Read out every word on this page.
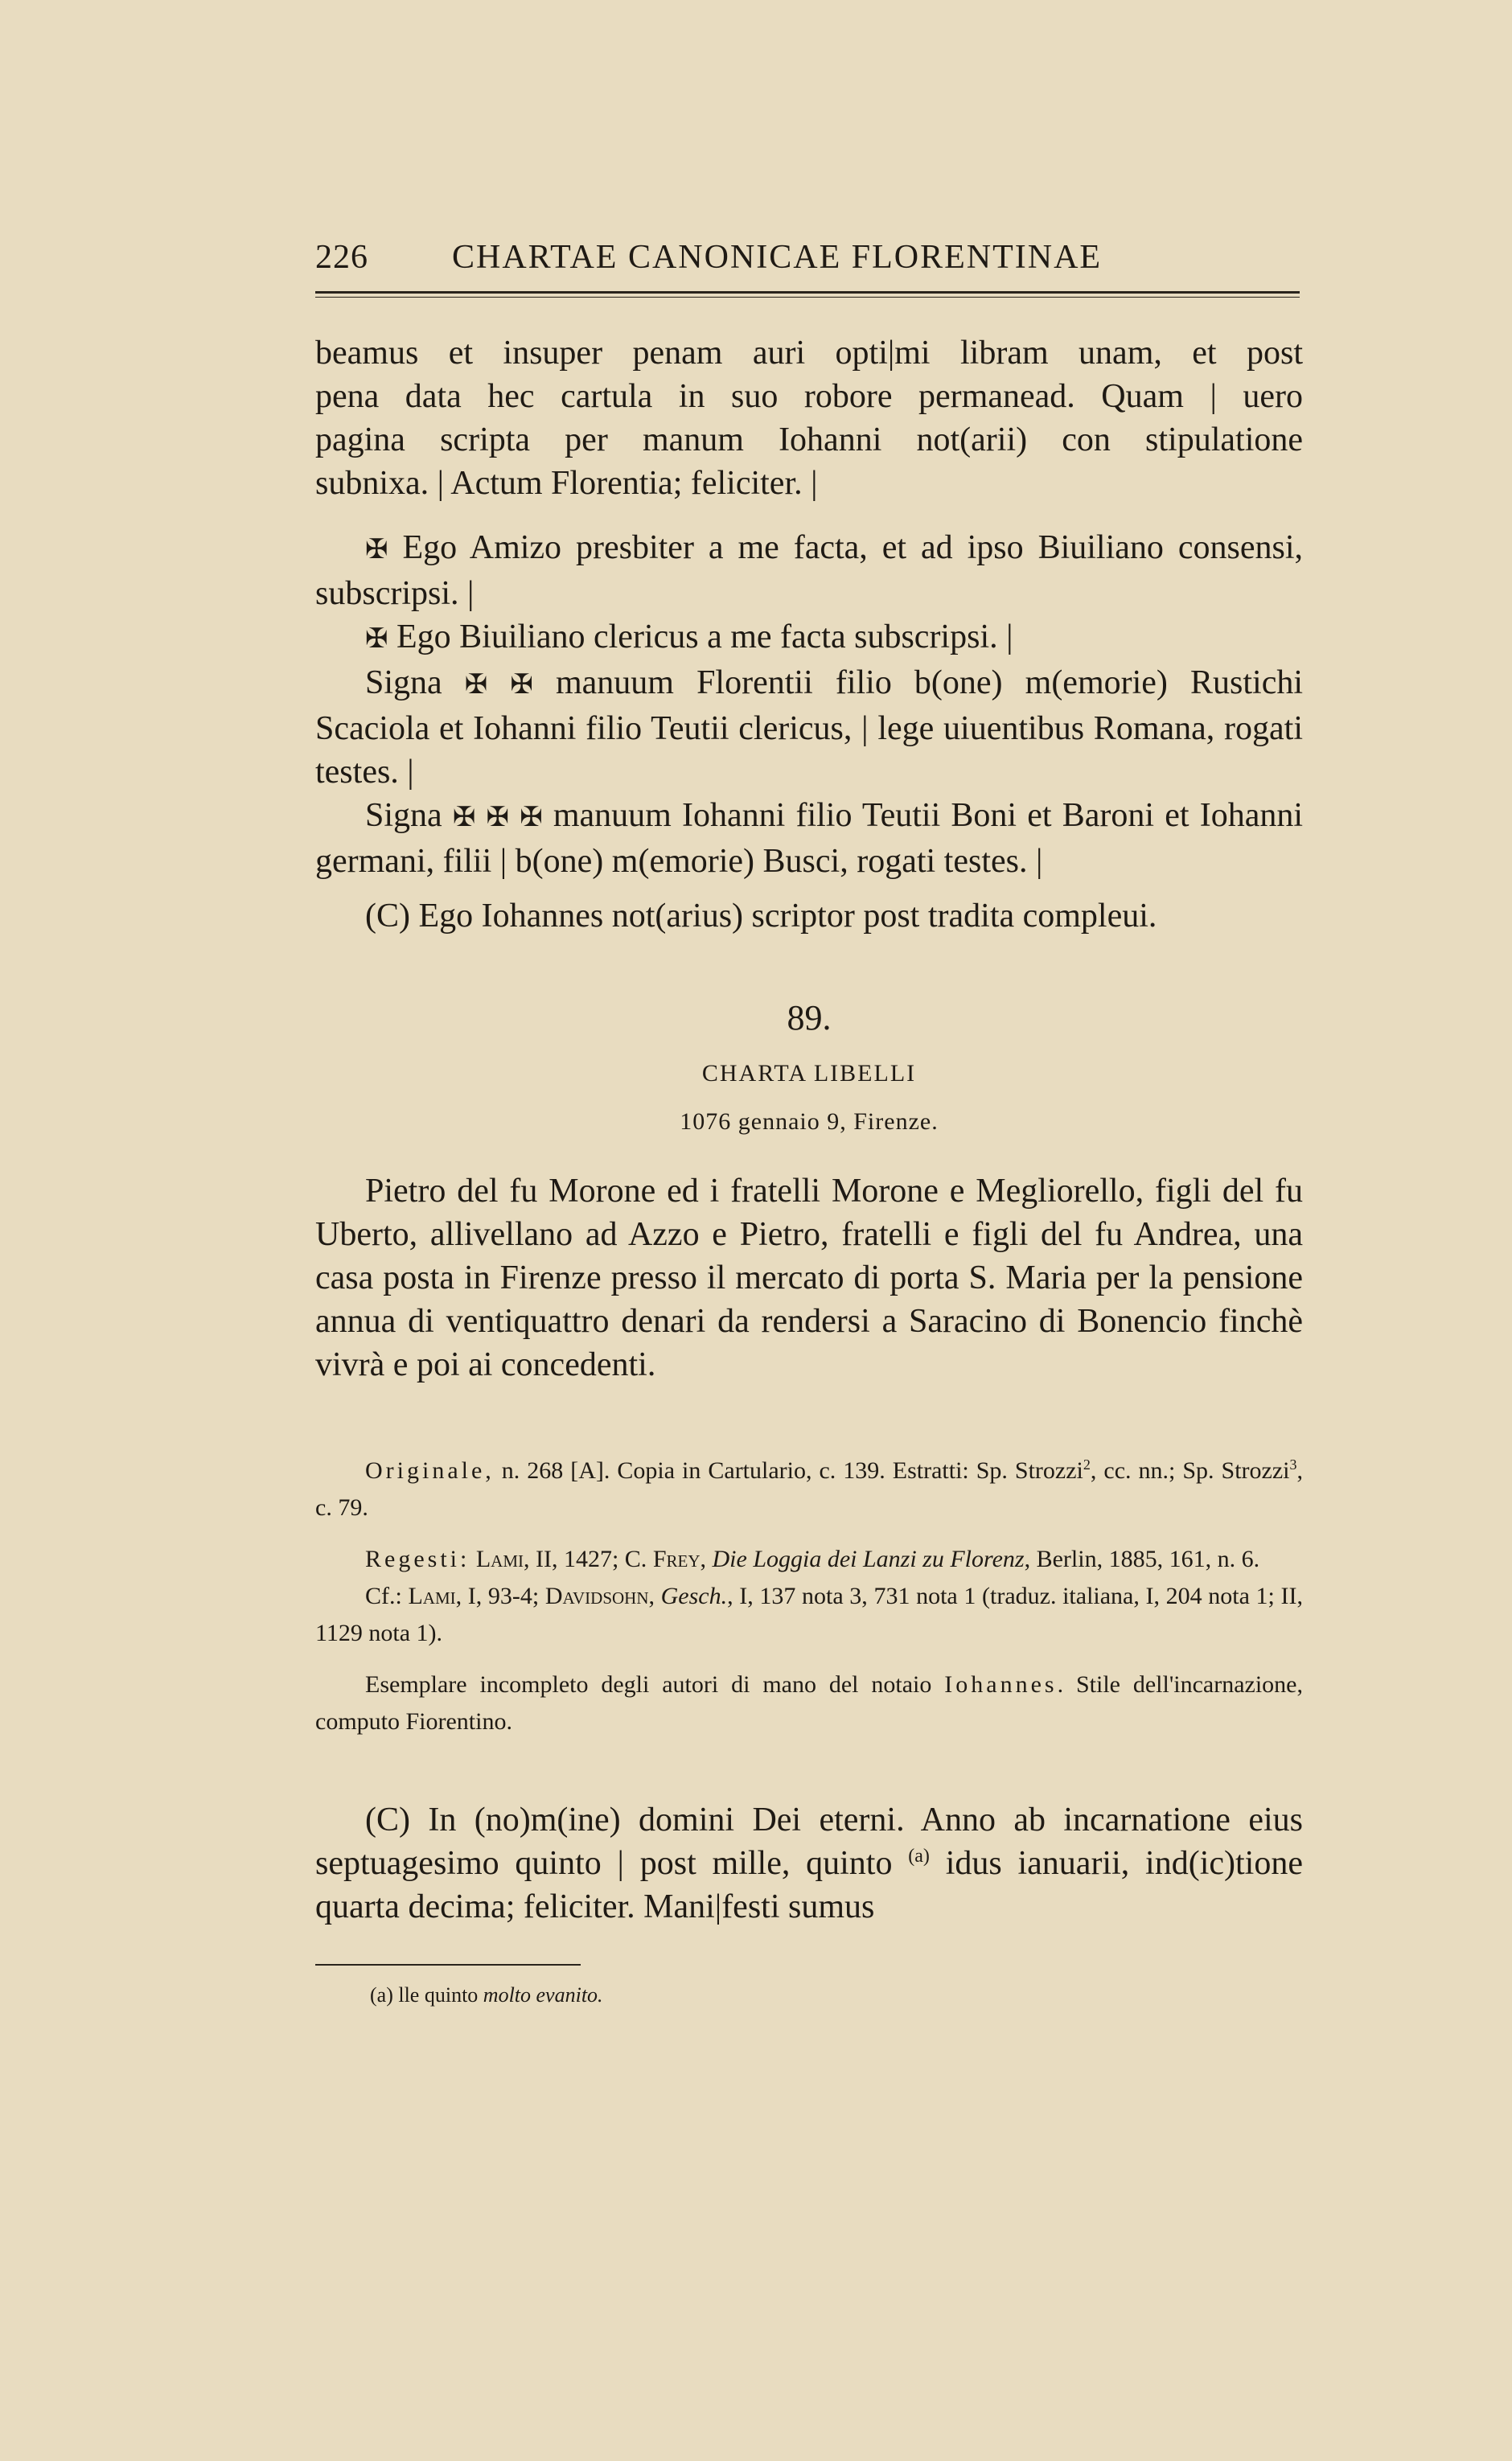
226 CHARTAE CANONICAE FLORENTINAE

beamus et insuper penam auri opti|mi libram unam, et post

pena data hec cartula in suo robore permanead. Quam | uero

pagina scripta per manum Iohanni not(arii) con stipulatione

subnixa. | Actum Florentia; feliciter. |

✠ Ego Amizo presbiter a me facta, et ad ipso Biuiliano consensi, subscripsi. |

✠ Ego Biuiliano clericus a me facta subscripsi. |

Signa ✠ ✠ manuum Florentii filio b(one) m(emorie) Rustichi Scaciola et Iohanni filio Teutii clericus, | lege uiuentibus Romana, rogati testes. |

Signa ✠ ✠ ✠ manuum Iohanni filio Teutii Boni et Baroni et Iohanni germani, filii | b(one) m(emorie) Busci, rogati testes. |

(C) Ego Iohannes not(arius) scriptor post tradita compleui.

89.
CHARTA LIBELLI
1076 gennaio 9, Firenze.
Pietro del fu Morone ed i fratelli Morone e Megliorello, figli del fu Uberto, allivellano ad Azzo e Pietro, fratelli e figli del fu Andrea, una casa posta in Firenze presso il mercato di porta S. Maria per la pensione annua di ventiquattro denari da rendersi a Saracino di Bonencio finchè vivrà e poi ai concedenti.

Originale, n. 268 [A]. Copia in Cartulario, c. 139. Estratti: Sp. Strozzi$^2$, cc. nn.; Sp. Strozzi$^3$, c. 79.

Regesti: Lami, II, 1427; C. Frey, Die Loggia dei Lanzi zu Florenz, Berlin, 1885, 161, n. 6.

Cf.: Lami, I, 93-4; Davidsohn, Gesch., I, 137 nota 3, 731 nota 1 (traduz. italiana, I, 204 nota 1; II, 1129 nota 1).

Esemplare incompleto degli autori di mano del notaio Iohannes. Stile dell'incarnazione, computo Fiorentino.

(C) In (no)m(ine) domini Dei eterni. Anno ab incarnatione eius septuagesimo quinto | post mille, quinto $^{(a)}$ idus ianuarii, ind(ic)tione quarta decima; feliciter. Mani|festi sumus
(a) lle quinto molto evanito.
